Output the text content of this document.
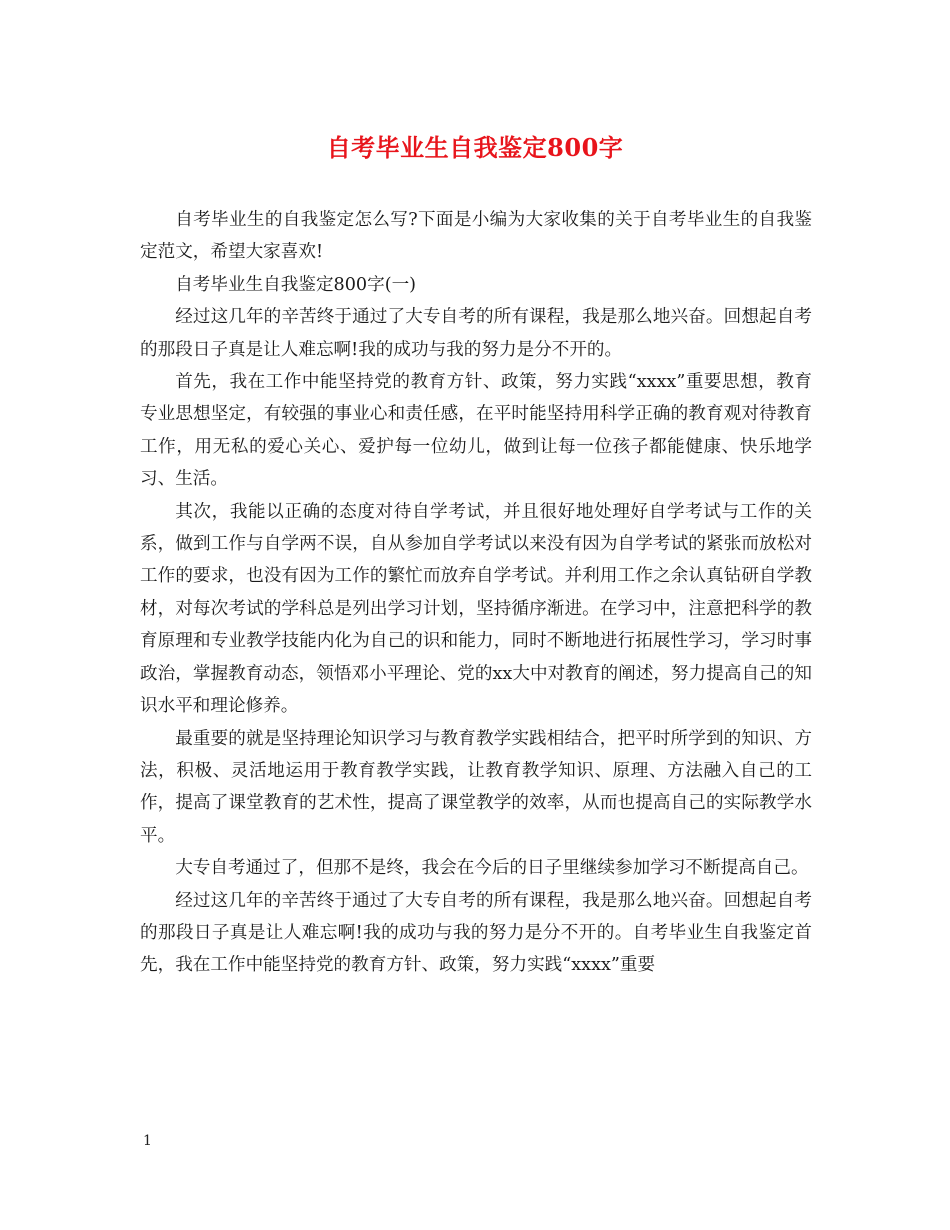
自考毕业生自我鉴定800字

自考毕业生的自我鉴定怎么写?下面是小编为大家收集的关于自考毕业生的自我鉴定范文，希望大家喜欢!

自考毕业生自我鉴定800字(一)

经过这几年的辛苦终于通过了大专自考的所有课程，我是那么地兴奋。回想起自考的那段日子真是让人难忘啊!我的成功与我的努力是分不开的。

首先，我在工作中能坚持党的教育方针、政策，努力实践“xxxx”重要思想，教育专业思想坚定，有较强的事业心和责任感，在平时能坚持用科学正确的教育观对待教育工作，用无私的爱心关心、爱护每一位幼儿，做到让每一位孩子都能健康、快乐地学习、生活。

其次，我能以正确的态度对待自学考试，并且很好地处理好自学考试与工作的关系，做到工作与自学两不误，自从参加自学考试以来没有因为自学考试的紧张而放松对工作的要求，也没有因为工作的繁忙而放弃自学考试。并利用工作之余认真钻研自学教材，对每次考试的学科总是列出学习计划，坚持循序渐进。在学习中，注意把科学的教育原理和专业教学技能内化为自己的识和能力，同时不断地进行拓展性学习，学习时事政治，掌握教育动态，领悟邓小平理论、党的xx大中对教育的阐述，努力提高自己的知识水平和理论修养。

最重要的就是坚持理论知识学习与教育教学实践相结合，把平时所学到的知识、方法，积极、灵活地运用于教育教学实践，让教育教学知识、原理、方法融入自己的工作，提高了课堂教育的艺术性，提高了课堂教学的效率，从而也提高自己的实际教学水平。

大专自考通过了，但那不是终，我会在今后的日子里继续参加学习不断提高自己。

经过这几年的辛苦终于通过了大专自考的所有课程，我是那么地兴奋。回想起自考的那段日子真是让人难忘啊!我的成功与我的努力是分不开的。自考毕业生自我鉴定首先，我在工作中能坚持党的教育方针、政策，努力实践“xxxx”重要

1
